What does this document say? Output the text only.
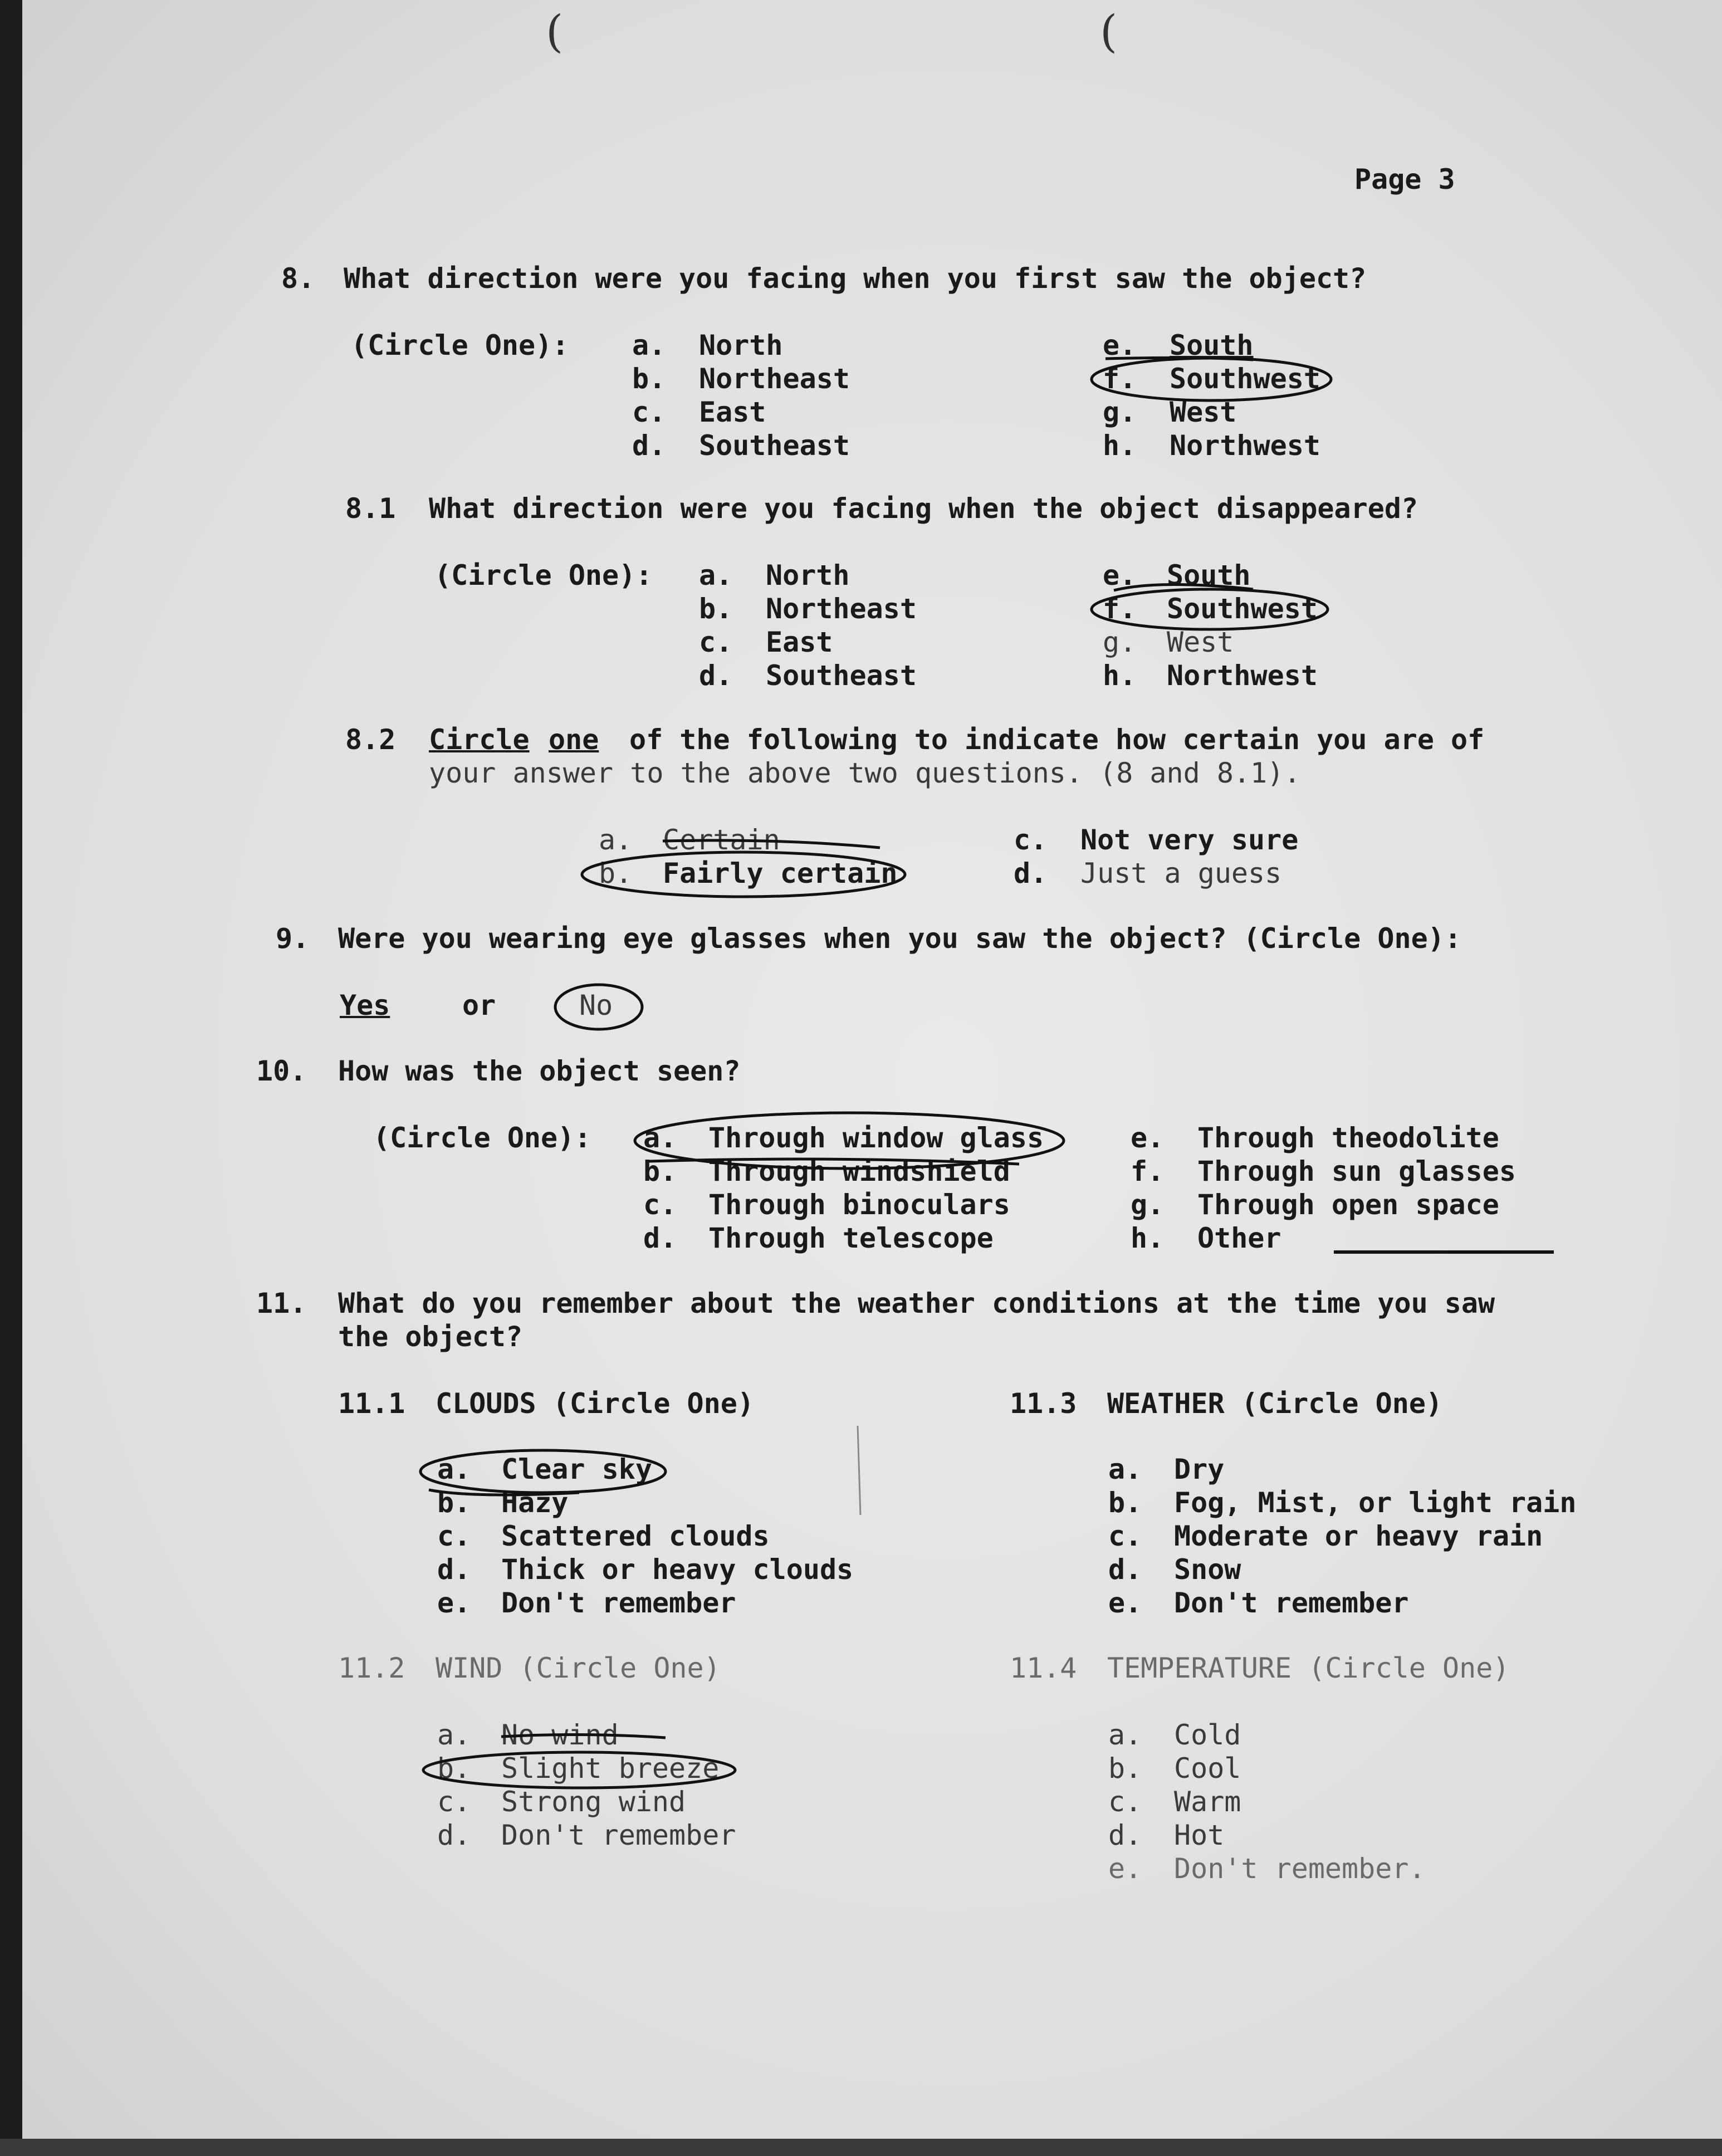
(	(
Page 3
8. What direction were you facing when you first saw the object?
(Circle One): a. North
b. Northeast
c. East
d. Southeast
e. South
f. Southwest
g. West
h. Northwest
8.1 What direction were you facing when the object disappeared?
(Circle One): a. North
b. Northeast
c. East
d. Southeast
e. South
f. Southwest
g. West
h. Northwest
8.2 Circle one of the following to indicate how certain you are of
your answer to the above two questions. (8 and 8.1).
a. Certain
b. Fairly certain
c. Not very sure
d. Just a guess
9. Were you wearing eye glasses when you saw the object? (Circle One):
Yes	or	No
10. How was the object seen?
(Circle One): a. Through window glass
b. Through windshield
c. Through binoculars
d. Through telescope
e. Through theodolite
f. Through sun glasses
g. Through open space
h. Other
11. What do you remember about the weather conditions at the time you saw
the object?
11.1 CLOUDS (Circle One)
a. Clear sky
b. Hazy
c. Scattered clouds
d. Thick or heavy clouds
e. Don't remember
11.3 WEATHER (Circle One)
a. Dry
b. Fog, Mist, or light rain
c. Moderate or heavy rain
d. Snow
e. Don't remember
11.2 WIND (Circle One)
a. No wind
b. Slight breeze
c. Strong wind
d. Don't remember
11.4 TEMPERATURE (Circle One)
a. Cold
b. Cool
c. Warm
d. Hot
e. Don't remember.
